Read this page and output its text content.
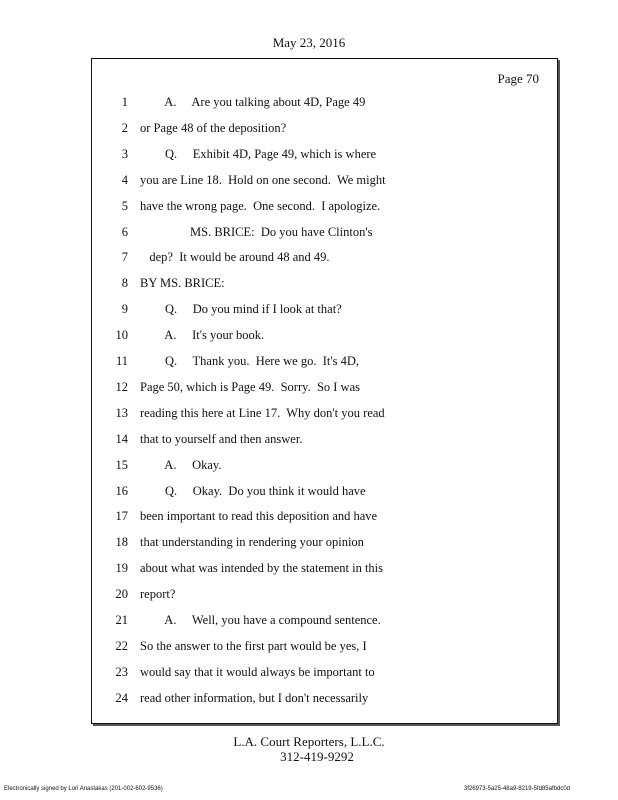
May 23, 2016
Page 70
1 A.     Are you talking about 4D, Page 49
2 or Page 48 of the deposition?
3 Q.     Exhibit 4D, Page 49, which is where
4 you are Line 18.  Hold on one second.  We might
5 have the wrong page.  One second.  I apologize.
6 MS. BRICE:  Do you have Clinton's
7 dep?  It would be around 48 and 49.
8 BY MS. BRICE:
9 Q.     Do you mind if I look at that?
10 A.     It's your book.
11 Q.     Thank you.  Here we go.  It's 4D,
12 Page 50, which is Page 49.  Sorry.  So I was
13 reading this here at Line 17.  Why don't you read
14 that to yourself and then answer.
15 A.     Okay.
16 Q.     Okay.  Do you think it would have
17 been important to read this deposition and have
18 that understanding in rendering your opinion
19 about what was intended by the statement in this
20 report?
21 A.     Well, you have a compound sentence.
22 So the answer to the first part would be yes, I
23 would say that it would always be important to
24 read other information, but I don't necessarily
L.A. Court Reporters, L.L.C.
312-419-9292
Electronically signed by Lori Anastakas (201-002-602-9536)	3f26973-5a25-48a9-8219-5fd85afbdc0d
